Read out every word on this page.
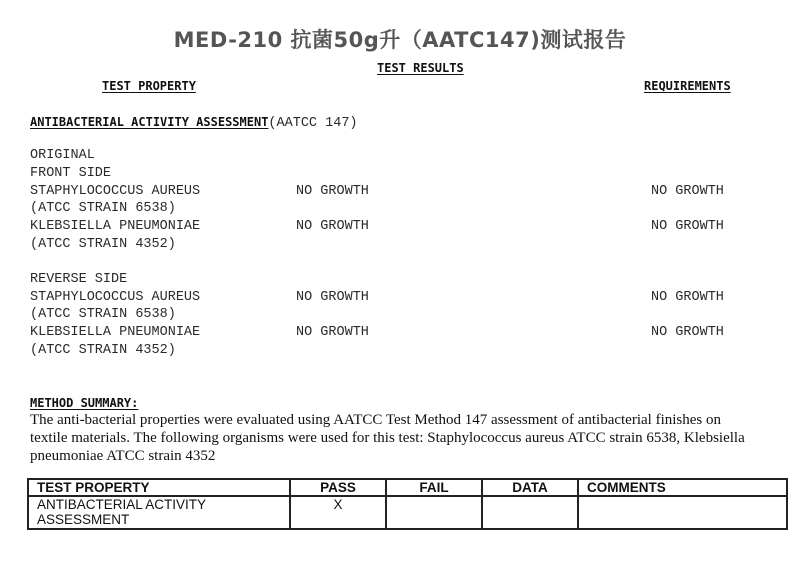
MED-210 抗菌50g升（AATC147)测试报告
TEST RESULTS
TEST PROPERTY	REQUIREMENTS
ANTIBACTERIAL ACTIVITY ASSESSMENT(AATCC 147)
ORIGINAL
FRONT SIDE
STAPHYLOCOCCUS AUREUS	NO GROWTH	NO GROWTH
(ATCC STRAIN 6538)
KLEBSIELLA PNEUMONIAE	NO GROWTH	NO GROWTH
(ATCC STRAIN 4352)
REVERSE SIDE
STAPHYLOCOCCUS AUREUS	NO GROWTH	NO GROWTH
(ATCC STRAIN 6538)
KLEBSIELLA PNEUMONIAE	NO GROWTH	NO GROWTH
(ATCC STRAIN 4352)
METHOD SUMMARY:
The anti-bacterial properties were evaluated using AATCC Test Method 147 assessment of antibacterial finishes on
textile materials. The following organisms were used for this test: Staphylococcus aureus ATCC strain 6538, Klebsiella
pneumoniae ATCC strain 4352
TEST PROPERTY	PASS	FAIL	DATA	COMMENTS

ANTIBACTERIAL ACTIVITY
ASSESSMENT	X			
